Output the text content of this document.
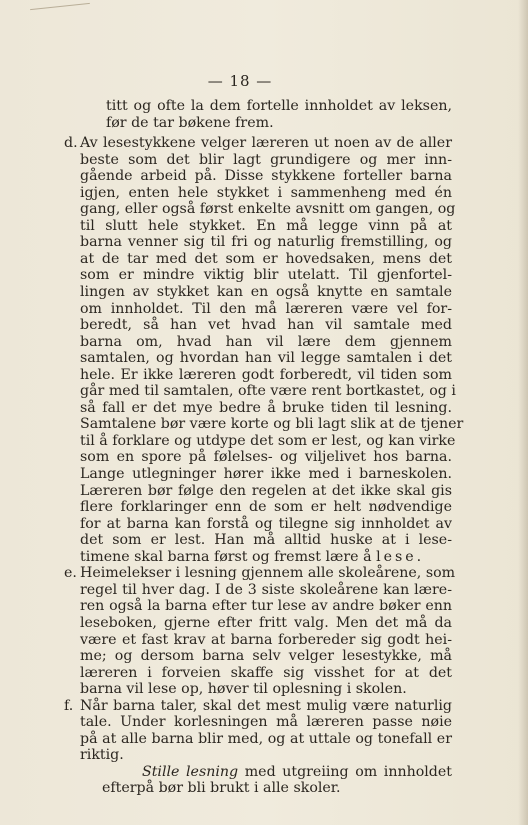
— 18 —
titt og ofte la dem fortelle innholdet av leksen,
før de tar bøkene frem.
d. Av lesestykkene velger læreren ut noen av de aller
beste som det blir lagt grundigere og mer inn-
gående arbeid på. Disse stykkene forteller barna
igjen, enten hele stykket i sammenheng med én
gang, eller også først enkelte avsnitt om gangen, og
til slutt hele stykket. En må legge vinn på at
barna venner sig til fri og naturlig fremstilling, og
at de tar med det som er hovedsaken, mens det
som er mindre viktig blir utelatt. Til gjenfortel-
lingen av stykket kan en også knytte en samtale
om innholdet. Til den må læreren være vel for-
beredt, så han vet hvad han vil samtale med
barna om, hvad han vil lære dem gjennem
samtalen, og hvordan han vil legge samtalen i det
hele. Er ikke læreren godt forberedt, vil tiden som
går med til samtalen, ofte være rent bortkastet, og i
så fall er det mye bedre å bruke tiden til lesning.
Samtalene bør være korte og bli lagt slik at de tjener
til å forklare og utdype det som er lest, og kan virke
som en spore på følelses- og viljelivet hos barna.
Lange utlegninger hører ikke med i barneskolen.
Læreren bør følge den regelen at det ikke skal gis
flere forklaringer enn de som er helt nødvendige
for at barna kan forstå og tilegne sig innholdet av
det som er lest. Han må alltid huske at i lese-
timene skal barna først og fremst lære å lese.
e. Heimelekser i lesning gjennem alle skoleårene, som
regel til hver dag. I de 3 siste skoleårene kan lære-
ren også la barna efter tur lese av andre bøker enn
leseboken, gjerne efter fritt valg. Men det må da
være et fast krav at barna forbereder sig godt hei-
me; og dersom barna selv velger lesestykke, må
læreren i forveien skaffe sig visshet for at det
barna vil lese op, høver til oplesning i skolen.
f. Når barna taler, skal det mest mulig være naturlig
tale. Under korlesningen må læreren passe nøie
på at alle barna blir med, og at uttale og tonefall er
riktig.
Stille lesning med utgreiing om innholdet
efterpå bør bli brukt i alle skoler.
